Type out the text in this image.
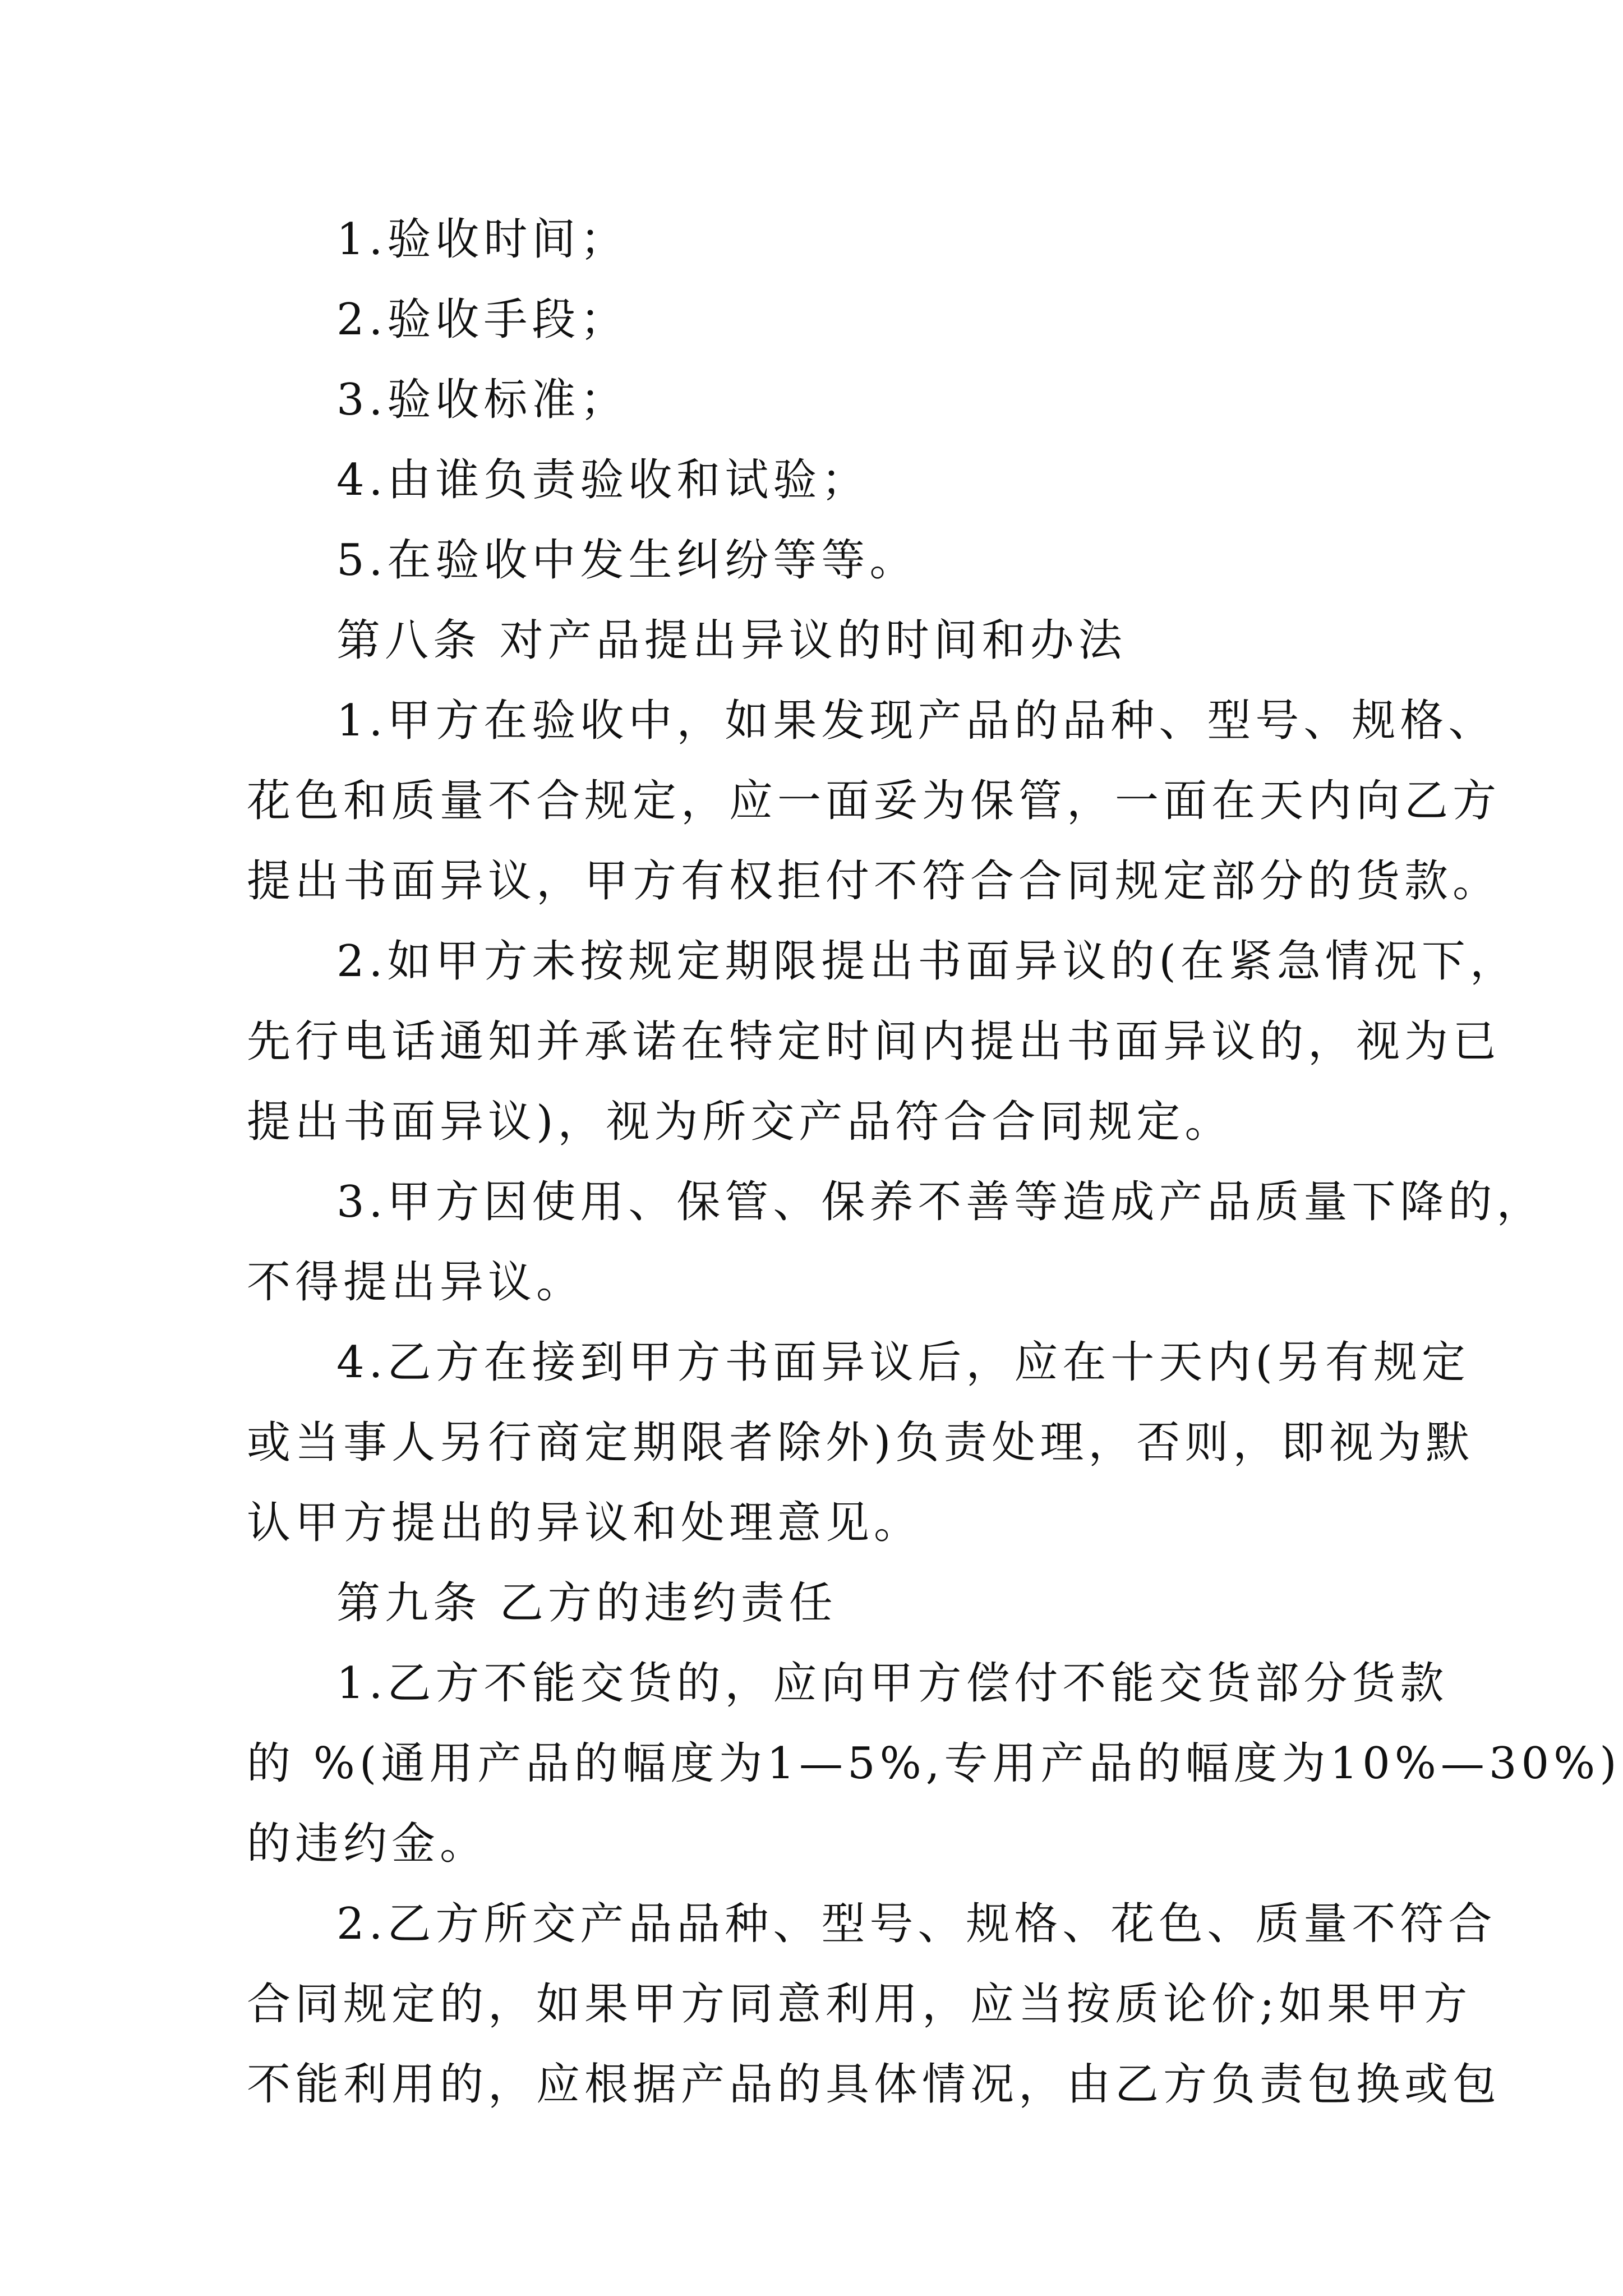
1.验收时间；

2.验收手段；

3.验收标准；

4.由谁负责验收和试验；

5.在验收中发生纠纷等等。

第八条 对产品提出异议的时间和办法

1.甲方在验收中，如果发现产品的品种、型号、规格、
花色和质量不合规定，应一面妥为保管，一面在天内向乙方
提出书面异议，甲方有权拒付不符合合同规定部分的货款。
2.如甲方未按规定期限提出书面异议的(在紧急情况下，
先行电话通知并承诺在特定时间内提出书面异议的，视为已
提出书面异议)，视为所交产品符合合同规定。
3.甲方因使用、保管、保养不善等造成产品质量下降的，
不得提出异议。
4.乙方在接到甲方书面异议后，应在十天内(另有规定
或当事人另行商定期限者除外)负责处理，否则，即视为默
认甲方提出的异议和处理意见。

第九条 乙方的违约责任

1.乙方不能交货的，应向甲方偿付不能交货部分货款
的 %(通用产品的幅度为1—5%,专用产品的幅度为10%—30%)
的违约金。
2.乙方所交产品品种、型号、规格、花色、质量不符合
合同规定的，如果甲方同意利用，应当按质论价;如果甲方
不能利用的，应根据产品的具体情况，由乙方负责包换或包
